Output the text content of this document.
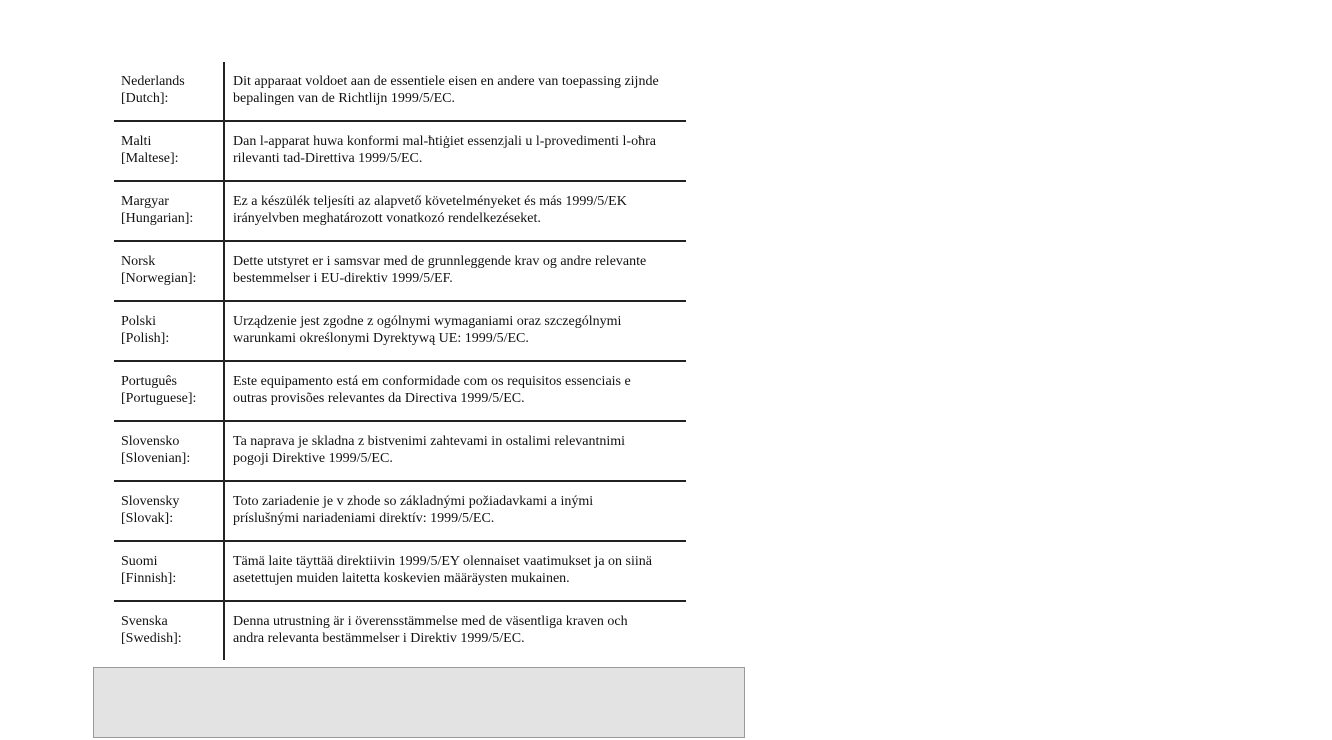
Nederlands
[Dutch]:
Dit apparaat voldoet aan de essentiele eisen en andere van toepassing zijnde
bepalingen van de Richtlijn 1999/5/EC.
Malti
[Maltese]:
Dan l-apparat huwa konformi mal-ħtiġiet essenzjali u l-provedimenti l-oħra
rilevanti tad-Direttiva 1999/5/EC.
Margyar
[Hungarian]:
Ez a készülék teljesíti az alapvető követelményeket és más 1999/5/EK
irányelvben meghatározott vonatkozó rendelkezéseket.
Norsk
[Norwegian]:
Dette utstyret er i samsvar med de grunnleggende krav og andre relevante
bestemmelser i EU-direktiv 1999/5/EF.
Polski
[Polish]:
Urządzenie jest zgodne z ogólnymi wymaganiami oraz szczególnymi
warunkami określonymi Dyrektywą UE: 1999/5/EC.
Português
[Portuguese]:
Este equipamento está em conformidade com os requisitos essenciais e
outras provisões relevantes da Directiva 1999/5/EC.
Slovensko
[Slovenian]:
Ta naprava je skladna z bistvenimi zahtevami in ostalimi relevantnimi
pogoji Direktive 1999/5/EC.
Slovensky
[Slovak]:
Toto zariadenie je v zhode so základnými požiadavkami a inými
príslušnými nariadeniami direktív: 1999/5/EC.
Suomi
[Finnish]:
Tämä laite täyttää direktiivin 1999/5/EY olennaiset vaatimukset ja on siinä
asetettujen muiden laitetta koskevien määräysten mukainen.
Svenska
[Swedish]:
Denna utrustning är i överensstämmelse med de väsentliga kraven och
andra relevanta bestämmelser i Direktiv 1999/5/EC.
